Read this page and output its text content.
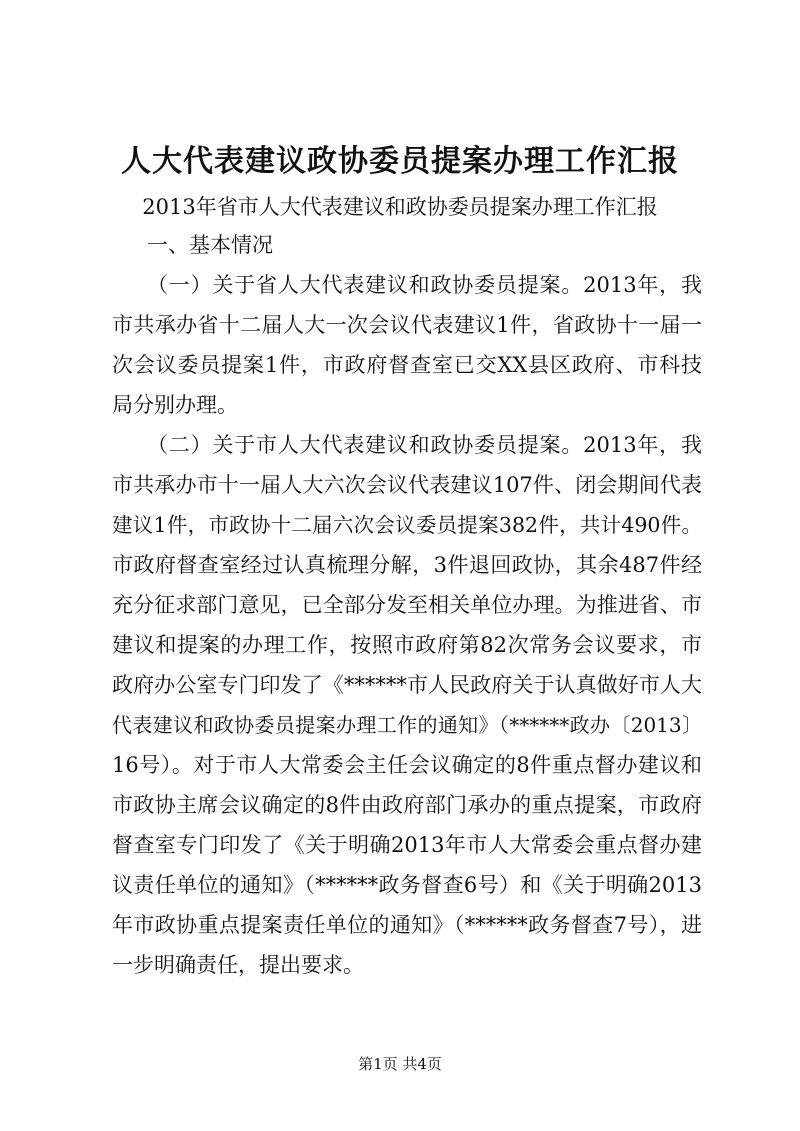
人大代表建议政协委员提案办理工作汇报
2013年省市人大代表建议和政协委员提案办理工作汇报
一、基本情况
（一）关于省人大代表建议和政协委员提案。2013年，我
市共承办省十二届人大一次会议代表建议1件，省政协十一届一
次会议委员提案1件，市政府督查室已交XX县区政府、市科技
局分别办理。
（二）关于市人大代表建议和政协委员提案。2013年，我
市共承办市十一届人大六次会议代表建议107件、闭会期间代表
建议1件，市政协十二届六次会议委员提案382件，共计490件。
市政府督查室经过认真梳理分解，3件退回政协，其余487件经
充分征求部门意见，已全部分发至相关单位办理。为推进省、市
建议和提案的办理工作，按照市政府第82次常务会议要求，市
政府办公室专门印发了《******市人民政府关于认真做好市人大
代表建议和政协委员提案办理工作的通知》（******政办〔2013〕
16号）。对于市人大常委会主任会议确定的8件重点督办建议和
市政协主席会议确定的8件由政府部门承办的重点提案，市政府
督查室专门印发了《关于明确2013年市人大常委会重点督办建
议责任单位的通知》（******政务督查6号）和《关于明确2013
年市政协重点提案责任单位的通知》（******政务督查7号），进
一步明确责任，提出要求。
第1页 共4页
